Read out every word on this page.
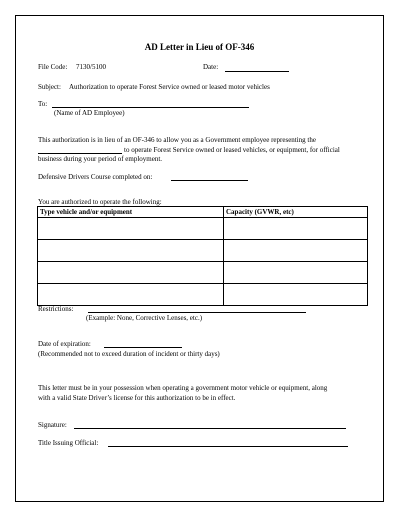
AD Letter in Lieu of OF-346
File Code: 7130/5100	Date:
Subject: Authorization to operate Forest Service owned or leased motor vehicles
To:
(Name of AD Employee)
This authorization is in lieu of an OF-346 to allow you as a Government employee representing the
to operate Forest Service owned or leased vehicles, or equipment, for official
business during your period of employment.
Defensive Drivers Course completed on:
You are authorized to operate the following:
Type vehicle and/or equipment	Capacity (GVWR, etc)

Restrictions:
(Example: None, Corrective Lenses, etc.)
Date of expiration:
(Recommended not to exceed duration of incident or thirty days)
This letter must be in your possession when operating a government motor vehicle or equipment, along
with a valid State Driver’s license for this authorization to be in effect.
Signature:
Title Issuing Official:
